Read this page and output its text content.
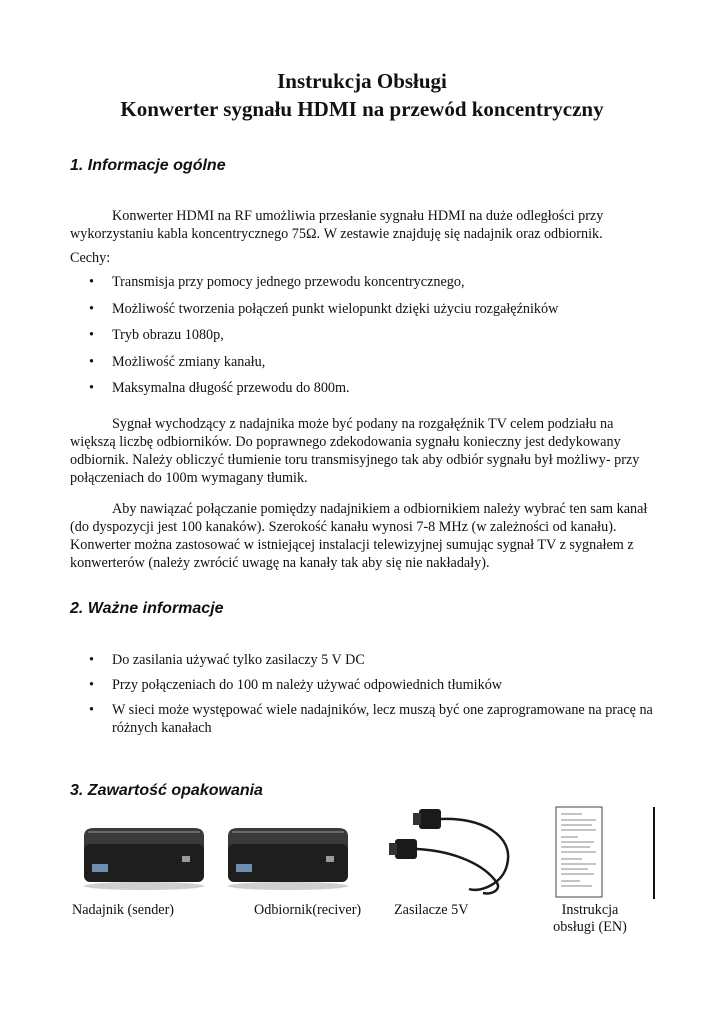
Instrukcja Obsługi
Konwerter sygnału HDMI na przewód koncentryczny
1. Informacje ogólne

Konwerter HDMI na RF umożliwia przesłanie sygnału HDMI na duże odległości przy wykorzystaniu kabla koncentrycznego 75Ω. W zestawie znajduję się nadajnik oraz odbiornik.

Cechy:

• Transmisja przy pomocy jednego przewodu koncentrycznego,
• Możliwość tworzenia połączeń punkt wielopunkt dzięki użyciu rozgałęźników
• Tryb obrazu 1080p,
• Możliwość zmiany kanału,
• Maksymalna długość przewodu do 800m.

Sygnał wychodzący z nadajnika może być podany na rozgałęźnik TV celem podziału na większą liczbę odbiorników. Do poprawnego zdekodowania sygnału konieczny jest dedykowany odbiornik. Należy obliczyć tłumienie toru transmisyjnego tak aby odbiór sygnału był możliwy- przy połączeniach do 100m wymagany tłumik.

Aby nawiązać połączanie pomiędzy nadajnikiem a odbiornikiem należy wybrać ten sam kanał (do dyspozycji jest 100 kanaków). Szerokość kanału wynosi 7-8 MHz (w zależności od kanału). Konwerter można zastosować w istniejącej instalacji telewizyjnej sumując sygnał TV z sygnałem z konwerterów (należy zwrócić uwagę na kanały tak aby się nie nakładały).

2. Ważne informacje
• Do zasilania używać tylko zasilaczy 5 V DC
• Przy połączeniach do 100 m należy używać odpowiednich tłumików
• W sieci może występować wiele nadajników, lecz muszą być one zaprogramowane na pracę na różnych kanałach
3. Zawartość opakowania
Nadajnik (sender)	Odbiornik(reciver) Zasilacze 5V	Instrukcja
obsługi (EN)
